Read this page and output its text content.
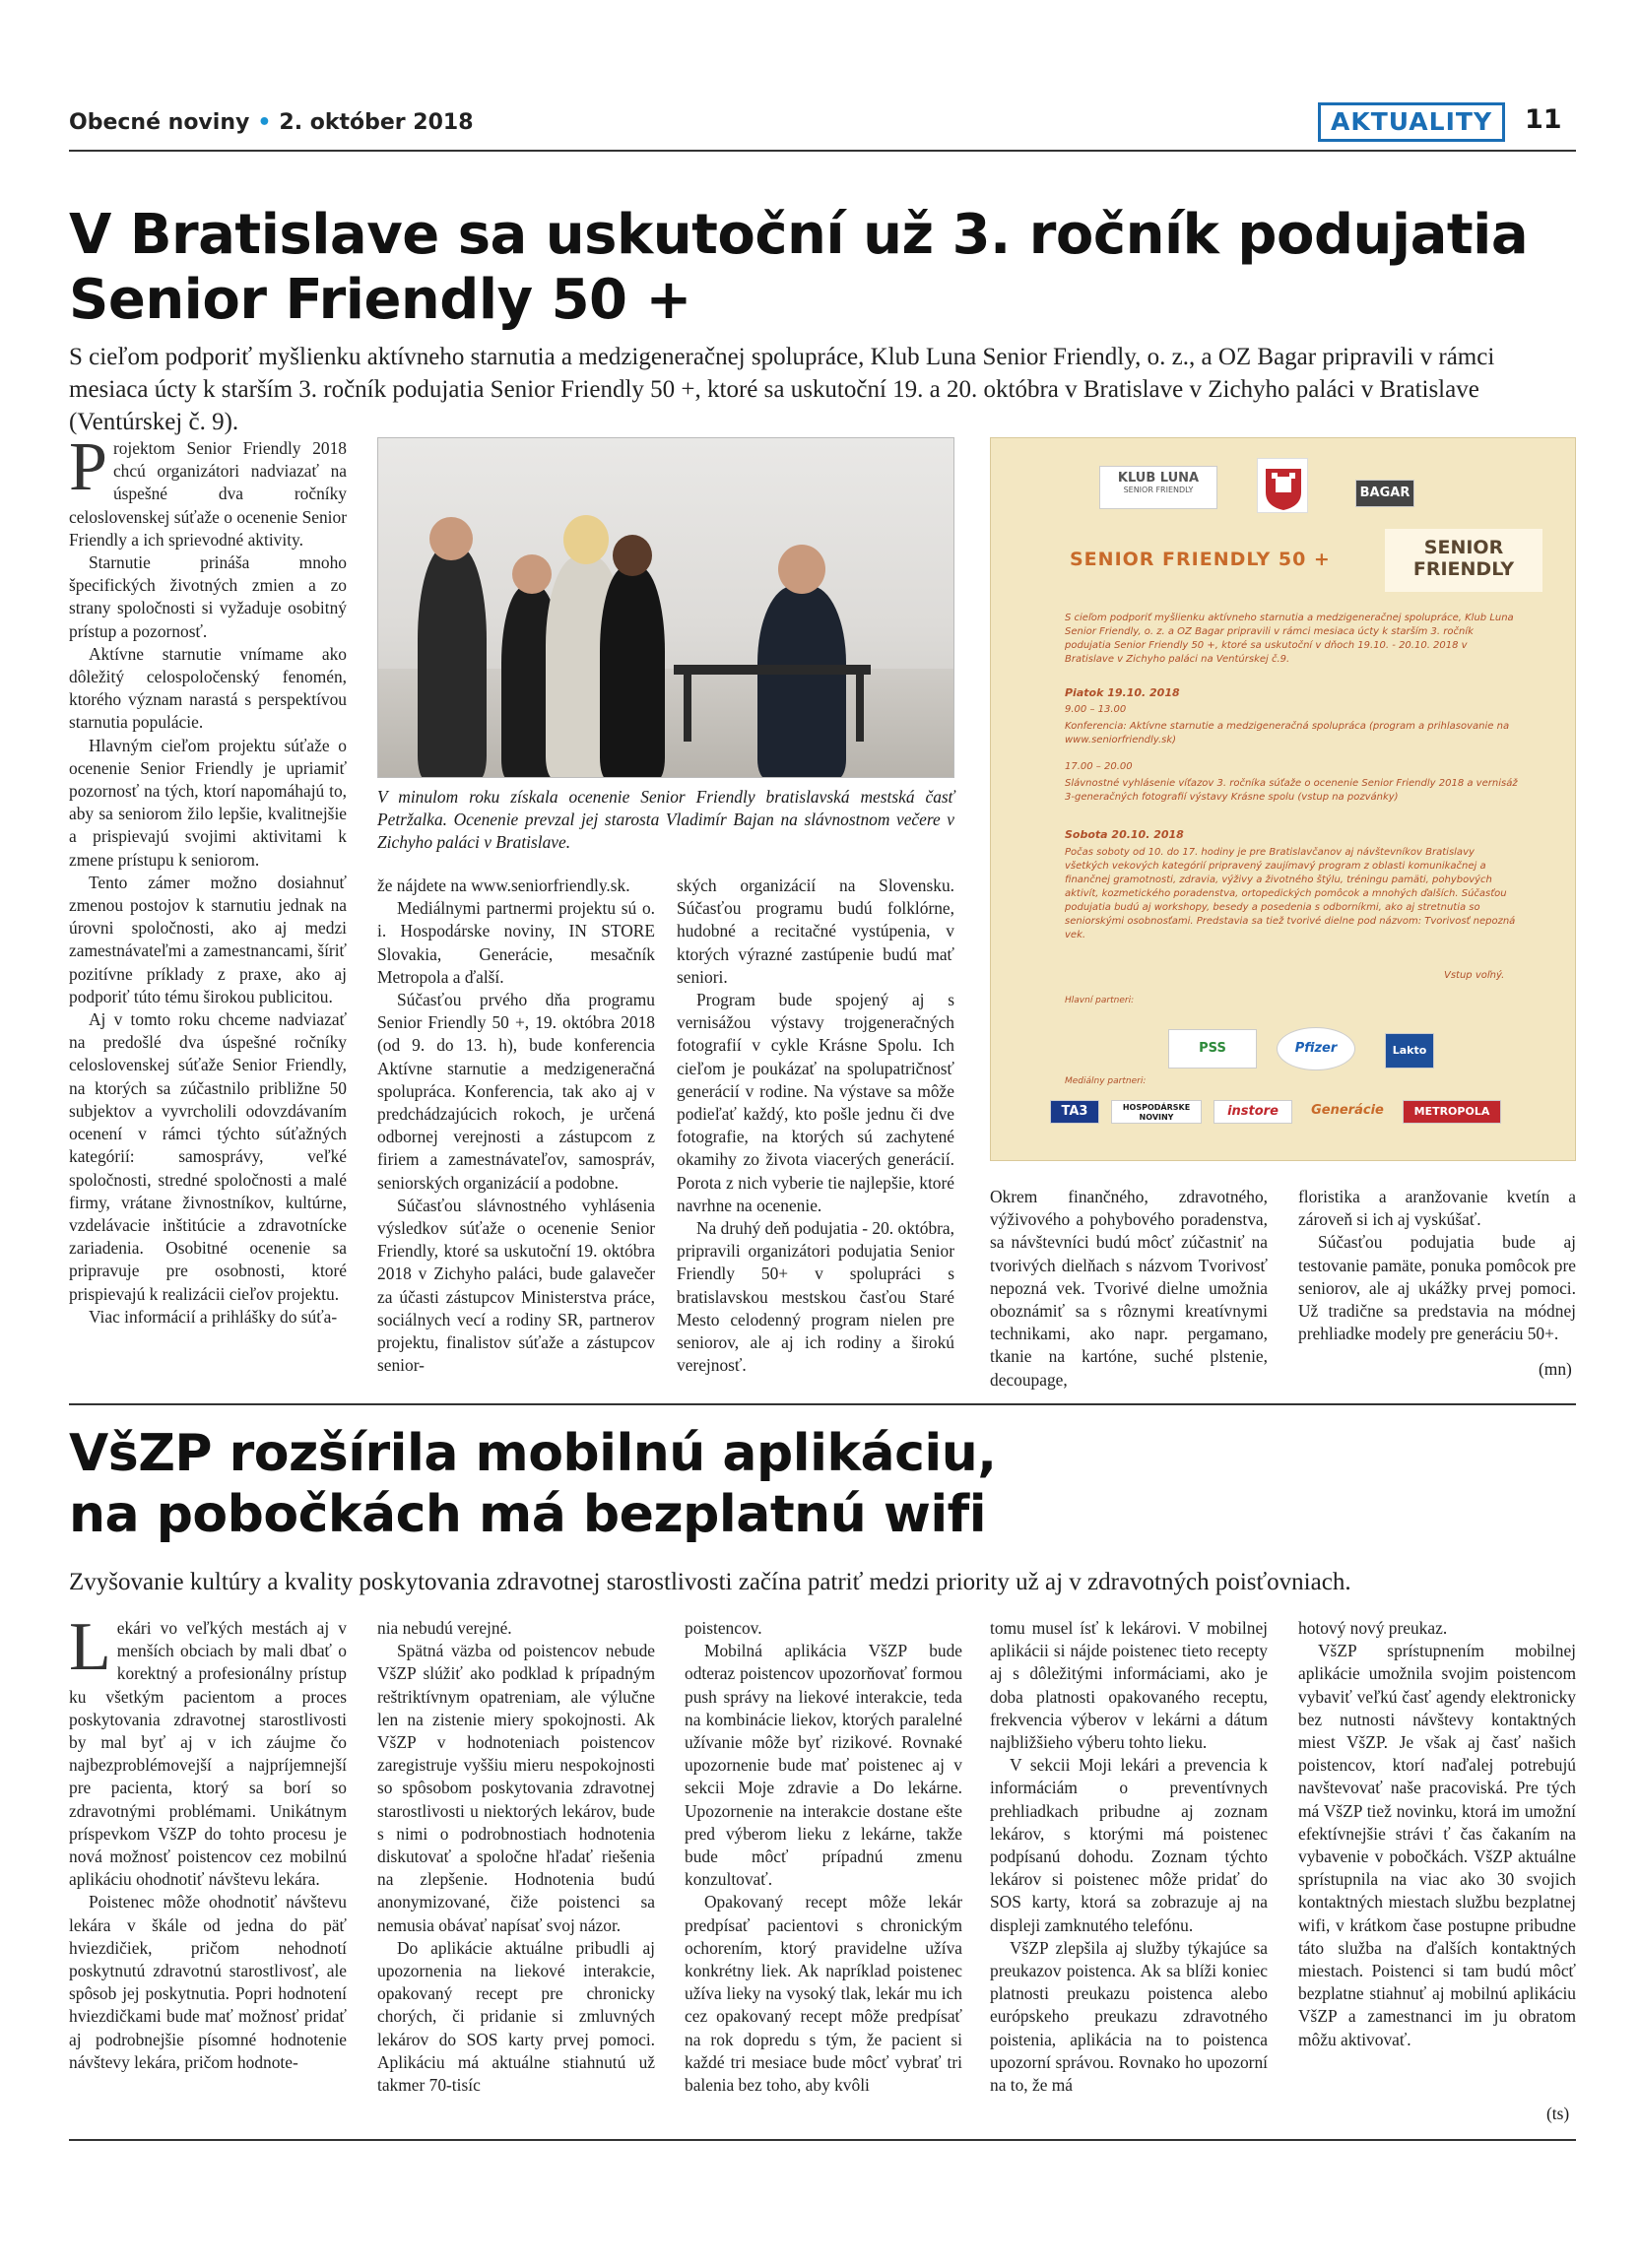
Obecné noviny • 2. október 2018	AKTUALITY	11
V Bratislave sa uskutoční už 3. ročník podujatia
Senior Friendly 50 +
S cieľom podporiť myšlienku aktívneho starnutia a medzigeneračnej spolupráce, Klub Luna Senior Friendly, o. z., a OZ Bagar pripravili v rámci mesiaca úcty k starším 3. ročník podujatia Senior Friendly 50 +, ktoré sa uskutoční 19. a 20. októbra v Bratislave v Zichyho paláci v Bratislave (Ventúrskej č. 9).

Projektom Senior Friendly 2018 chcú organizátori nadviazať na úspešné dva ročníky celoslovenskej súťaže o ocenenie Senior Friendly a ich sprievodné aktivity.

Starnutie prináša mnoho špecifických životných zmien a zo strany spoločnosti si vyžaduje osobitný prístup a pozornosť.

Aktívne starnutie vnímame ako dôležitý celospoločenský fenomén, ktorého význam narastá s perspektívou starnutia populácie.

Hlavným cieľom projektu súťaže o ocenenie Senior Friendly je upriamiť pozornosť na tých, ktorí napomáhajú to, aby sa seniorom žilo lepšie, kvalitnejšie a prispievajú svojimi aktivitami k zmene prístupu k seniorom.

Tento zámer možno dosiahnuť zmenou postojov k starnutiu jednak na úrovni spoločnosti, ako aj medzi zamestnávateľmi a zamestnancami, šíriť pozitívne príklady z praxe, ako aj podporiť túto tému širokou publicitou.

Aj v tomto roku chceme nadviazať na predošlé dva úspešné ročníky celoslovenskej súťaže Senior Friendly, na ktorých sa zúčastnilo približne 50 subjektov a vyvrcholili odovzdávaním ocenení v rámci týchto súťažných kategórií: samosprávy, veľké spoločnosti, stredné spoločnosti a malé firmy, vrátane živnostníkov, kultúrne, vzdelávacie inštitúcie a zdravotnícke zariadenia. Osobitné ocenenie sa pripravuje pre osobnosti, ktoré prispievajú k realizácii cieľov projektu.

Viac informácií a prihlášky do súťa-

V minulom roku získala ocenenie Senior Friendly bratislavská mestská časť Petržalka. Ocenenie prevzal jej starosta Vladimír Bajan na slávnostnom večere v Zichyho paláci v Bratislave.

že nájdete na www.seniorfriendly.sk.

Mediálnymi partnermi projektu sú o. i. Hospodárske noviny, IN STORE Slovakia, Generácie, mesačník Metropola a ďalší.

Súčasťou prvého dňa programu Senior Friendly 50 +, 19. októbra 2018 (od 9. do 13. h), bude konferencia Aktívne starnutie a medzigeneračná spolupráca. Konferencia, tak ako aj v predchádzajúcich rokoch, je určená odbornej verejnosti a zástupcom z firiem a zamestnávateľov, samospráv, seniorských organizácií a podobne.

Súčasťou slávnostného vyhlásenia výsledkov súťaže o ocenenie Senior Friendly, ktoré sa uskutoční 19. októbra 2018 v Zichyho paláci, bude galavečer za účasti zástupcov Ministerstva práce, sociálnych vecí a rodiny SR, partnerov projektu, finalistov súťaže a zástupcov senior-

ských organizácií na Slovensku. Súčasťou programu budú folklórne, hudobné a recitačné vystúpenia, v ktorých výrazné zastúpenie budú mať seniori.

Program bude spojený aj s vernisážou výstavy trojgeneračných fotografií v cykle Krásne Spolu. Ich cieľom je poukázať na spolupatričnosť generácií v rodine. Na výstave sa môže podieľať každý, kto pošle jednu či dve fotografie, na ktorých sú zachytené okamihy zo života viacerých generácií. Porota z nich vyberie tie najlepšie, ktoré navrhne na ocenenie.

Na druhý deň podujatia - 20. októbra, pripravili organizátori podujatia Senior Friendly 50+ v spolupráci s bratislavskou mestskou časťou Staré Mesto celodenný program nielen pre seniorov, ale aj ich rodiny a širokú verejnosť.

KLUB LUNA
SENIOR FRIENDLY	BAGAR
SENIOR FRIENDLY 50 +
SENIOR FRIENDLY
S cieľom podporiť myšlienku aktívneho starnutia a medzigeneračnej spolupráce, Klub Luna Senior Friendly, o. z. a OZ Bagar pripravili v rámci mesiaca úcty k starším 3. ročník podujatia Senior Friendly 50 +, ktoré sa uskutoční v dňoch 19.10. - 20.10. 2018 v Bratislave v Zichyho paláci na Ventúrskej č.9.
Piatok 19.10. 2018
9.00 – 13.00
Konferencia: Aktívne starnutie a medzigeneračná spolupráca (program a prihlasovanie na www.seniorfriendly.sk)
17.00 – 20.00
Slávnostné vyhlásenie víťazov 3. ročníka súťaže o ocenenie Senior Friendly 2018 a vernisáž 3-generačných fotografií výstavy Krásne spolu (vstup na pozvánky)
Sobota 20.10. 2018
Počas soboty od 10. do 17. hodiny je pre Bratislavčanov aj návštevníkov Bratislavy všetkých vekových kategórií pripravený zaujímavý program z oblasti komunikačnej a finančnej gramotnosti, zdravia, výživy a životného štýlu, tréningu pamäti, pohybových aktivít, kozmetického poradenstva, ortopedických pomôcok a mnohých ďalších. Súčasťou podujatia budú aj workshopy, besedy a posedenia s odborníkmi, ako aj stretnutia so seniorskými osobnosťami. Predstavia sa tiež tvorivé dielne pod názvom: Tvorivosť nepozná vek.
Vstup voľný.
Hlavní partneri:
PSS	Pfizer	Lakto
Mediálny partneri:
TA3	HOSPODÁRSKE NOVINY	instore	Generácie	METROPOLA

Okrem finančného, zdravotného, výživového a pohybového poradenstva, sa návštevníci budú môcť zúčastniť na tvorivých dielňach s názvom Tvorivosť nepozná vek. Tvorivé dielne umožnia oboznámiť sa s rôznymi kreatívnymi technikami, ako napr. pergamano, tkanie na kartóne, suché plstenie, decoupage,

floristika a aranžovanie kvetín a zároveň si ich aj vyskúšať.

Súčasťou podujatia bude aj testovanie pamäte, ponuka pomôcok pre seniorov, ale aj ukážky prvej pomoci. Už tradične sa predstavia na módnej prehliadke modely pre generáciu 50+.

(mn)
VšZP rozšírila mobilnú aplikáciu,
na pobočkách má bezplatnú wifi
Zvyšovanie kultúry a kvality poskytovania zdravotnej starostlivosti začína patriť medzi priority už aj v zdravotných poisťovniach.

Lekári vo veľkých mestách aj v menších obciach by mali dbať o korektný a profesionálny prístup ku všetkým pacientom a proces poskytovania zdravotnej starostlivosti by mal byť aj v ich záujme čo najbezproblémovejší a najpríjemnejší pre pacienta, ktorý sa borí so zdravotnými problémami. Unikátnym príspevkom VšZP do tohto procesu je nová možnosť poistencov cez mobilnú aplikáciu ohodnotiť návštevu lekára.

Poistenec môže ohodnotiť návštevu lekára v škále od jedna do päť hviezdičiek, pričom nehodnotí poskytnutú zdravotnú starostlivosť, ale spôsob jej poskytnutia. Popri hodnotení hviezdičkami bude mať možnosť pridať aj podrobnejšie písomné hodnotenie návštevy lekára, pričom hodnote-

nia nebudú verejné.

Spätná väzba od poistencov nebude VšZP slúžiť ako podklad k prípadným reštriktívnym opatreniam, ale výlučne len na zistenie miery spokojnosti. Ak VšZP v hodnoteniach poistencov zaregistruje vyššiu mieru nespokojnosti so spôsobom poskytovania zdravotnej starostlivosti u niektorých lekárov, bude s nimi o podrobnostiach hodnotenia diskutovať a spoločne hľadať riešenia na zlepšenie. Hodnotenia budú anonymizované, čiže poistenci sa nemusia obávať napísať svoj názor.

Do aplikácie aktuálne pribudli aj upozornenia na liekové interakcie, opakovaný recept pre chronicky chorých, či pridanie si zmluvných lekárov do SOS karty prvej pomoci. Aplikáciu má aktuálne stiahnutú už takmer 70-tisíc

poistencov.

Mobilná aplikácia VšZP bude odteraz poistencov upozorňovať formou push správy na liekové interakcie, teda na kombinácie liekov, ktorých paralelné užívanie môže byť rizikové. Rovnaké upozornenie bude mať poistenec aj v sekcii Moje zdravie a Do lekárne. Upozornenie na interakcie dostane ešte pred výberom lieku z lekárne, takže bude môcť prípadnú zmenu konzultovať.

Opakovaný recept môže lekár predpísať pacientovi s chronickým ochorením, ktorý pravidelne užíva konkrétny liek. Ak napríklad poistenec užíva lieky na vysoký tlak, lekár mu ich cez opakovaný recept môže predpísať na rok dopredu s tým, že pacient si každé tri mesiace bude môcť vybrať tri balenia bez toho, aby kvôli

tomu musel ísť k lekárovi. V mobilnej aplikácii si nájde poistenec tieto recepty aj s dôležitými informáciami, ako je doba platnosti opakovaného receptu, frekvencia výberov v lekárni a dátum najbližšieho výberu tohto lieku.

V sekcii Moji lekári a prevencia k informáciám o preventívnych prehliadkach pribudne aj zoznam lekárov, s ktorými má poistenec podpísanú dohodu. Zoznam týchto lekárov si poistenec môže pridať do SOS karty, ktorá sa zobrazuje aj na displeji zamknutého telefónu.

VšZP zlepšila aj služby týkajúce sa preukazov poistenca. Ak sa blíži koniec platnosti preukazu poistenca alebo európskeho preukazu zdravotného poistenia, aplikácia na to poistenca upozorní správou. Rovnako ho upozorní na to, že má

hotový nový preukaz.

VšZP sprístupnením mobilnej aplikácie umožnila svojim poistencom vybaviť veľkú časť agendy elektronicky bez nutnosti návštevy kontaktných miest VšZP. Je však aj časť našich poistencov, ktorí naďalej potrebujú navštevovať naše pracoviská. Pre tých má VšZP tiež novinku, ktorá im umožní efektívnejšie strávi ť čas čakaním na vybavenie v pobočkách. VšZP aktuálne sprístupnila na viac ako 30 svojich kontaktných miestach službu bezplatnej wifi, v krátkom čase postupne pribudne táto služba na ďalších kontaktných miestach. Poistenci si tam budú môcť bezplatne stiahnuť aj mobilnú aplikáciu VšZP a zamestnanci im ju obratom môžu aktivovať.

(ts)
